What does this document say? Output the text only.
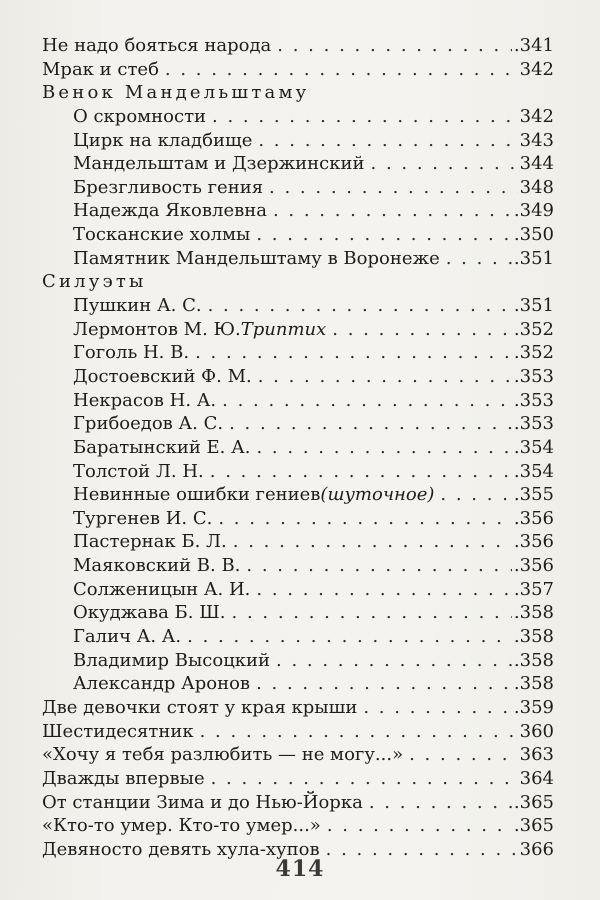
Не надо бояться народа . . .	.341
Мрак и стеб . . .	342
Венок Мандельштаму
О скромности . . .	342
Цирк на кладбище . . .	343
Мандельштам и Дзержинский . . .	344
Брезгливость гения . . .	348
Надежда Яковлевна . . .	.349
Тосканские холмы . . .	.350
Памятник Мандельштаму в Воронеже . . .	.351
Силуэты
Пушкин А. С. . . .	.351
Лермонтов М. Ю. Триптих . . .	.352
Гоголь Н. В. . . .	.352
Достоевский Ф. М. . . .	.353
Некрасов Н. А. . . .	.353
Грибоедов А. С. . . .	.353
Баратынский Е. А. . . .	.354
Толстой Л. Н. . . .	.354
Невинные ошибки гениев (шуточное) . . .	.355
Тургенев И. С. . . .	.356
Пастернак Б. Л. . . .	.356
Маяковский В. В. . . .	.356
Солженицын А. И. . . .	.357
Окуджава Б. Ш. . . .	.358
Галич А. А. . . .	.358
Владимир Высоцкий . . .	.358
Александр Аронов . . .	.358
Две девочки стоят у края крыши . . .	.359
Шестидесятник . . .	360
«Хочу я тебя разлюбить — не могу...» . . .	363
Дважды впервые . . .	364
От станции Зима и до Нью-Йорка . . .	.365
«Кто-то умер. Кто-то умер...» . . .	.365
Девяносто девять хула-хупов . . .	366
414
